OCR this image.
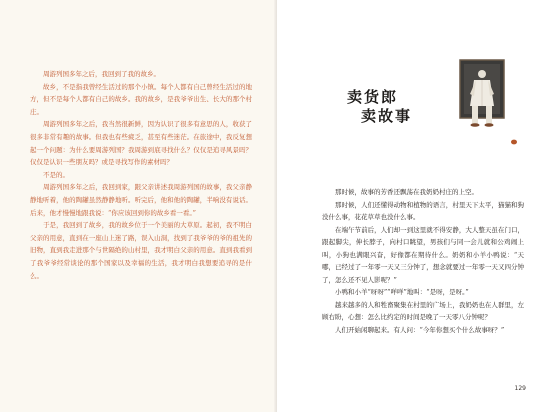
周游列国多年之后，我回到了我的故乡。

故乡，不是指我曾经生活过的那个小镇。每个人都有自己曾经生活过的地方，但不是每个人都有自己的故乡。我的故乡，是我爷爷出生、长大的那个村庄。

周游列国多年之后，我当然很新鲜，因为认识了很多有意思的人，收获了很多非常有趣的故事。但我也有些疲乏，甚至有些迷茫。在旅途中，我反复想起一个问题：为什么要周游列国？我周游到底寻找什么？仅仅是追寻风景吗？仅仅是认识一些朋友吗？或是寻找写作的素材吗？

不是的。

周游列国多年之后，我回到家，跟父亲讲述我周游列国的故事，我父亲静静地听着，他的陶罐虽然静静地听。听完后，他和他的陶罐，半响没有说话。后来，他才慢慢地跟我说：“你应该回到你的故乡看一看。”

于是，我回到了故乡，我的故乡位于一个美丽的大草原。起初，我不明白父亲的用意，直到在一座山上迷了路，误入山洞，找到了我爷爷的爷的祖先的旧物，直到我走进那个与世隔绝的山村里，我才明白父亲的用意。直到我看到了我爷爷经常谈论的那个国家以及幸福的生活，我才明白我想要追寻的是什么。

卖货郎
卖故事

那时候，故事的芳香还飘荡在我奶奶村庄的上空。

那时候，人们还懂得动物和植物的语言，村里天下太平，猫猫和狗没什么事，花花草草也没什么事。

在端午节前后，人们却一到这里就不得安静，大人整天虽在门口，跟起脚尖，伸长脖子，向村口眺望，男孩们与同一会儿就和公鸡闹上叫，小狗也满眼兴奋，好像都在期待什么。奶奶和小羊小鸭说：“天哪，已经过了一年零一天又三分钟了，想念就要过一年零一天又四分钟了，怎么还不见人影呢？”

小鸭和小羊“呀呀”“咩咩”地叫：“是呀，是呀。”

越来越多的人和牲畜聚集在村里的广场上，我奶奶也在人群里，左顾右盼，心想：怎么比约定的时间是晚了一天零八分钟呢？

人们开始闲聊起来。有人问：“今年你想买个什么故事呀？”

129
